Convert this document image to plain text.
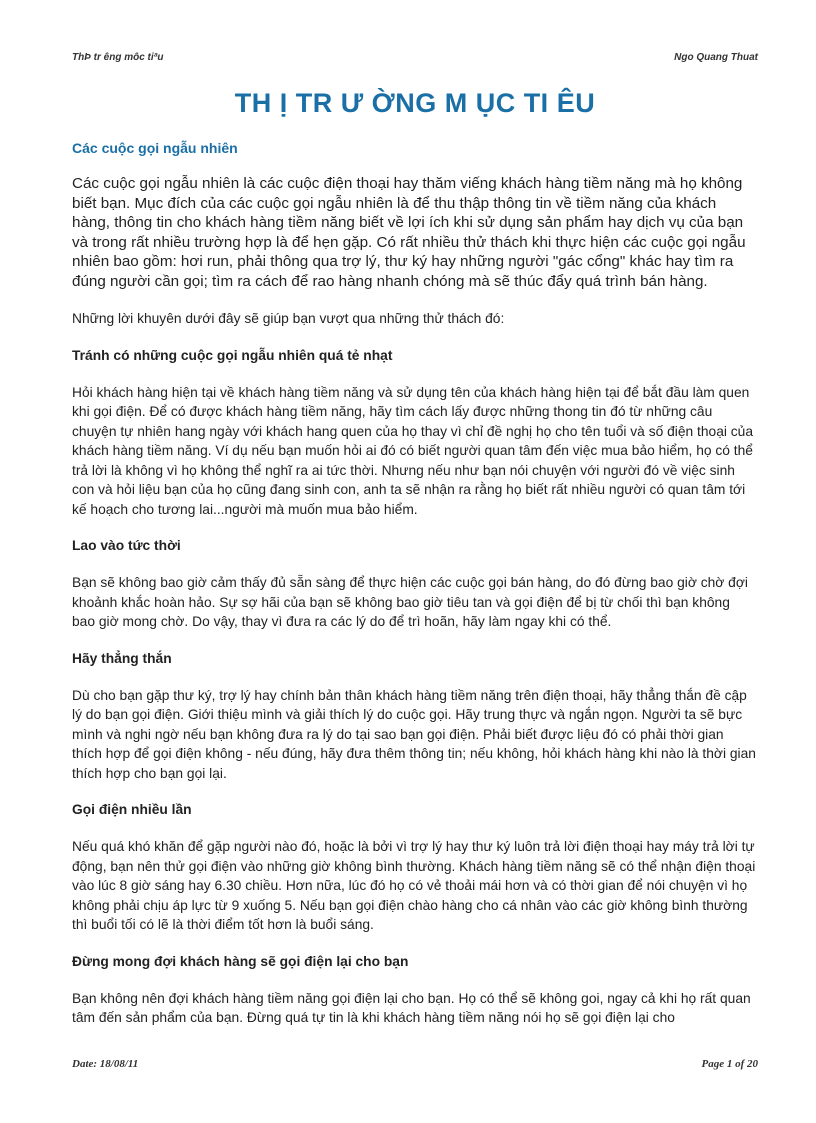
ThÞ tr êng môc tiªu	Ngo Quang Thuat
TH Ị TR Ư ỜNG M ỤC TI ÊU
Các cuộc gọi ngẫu nhiên

Các cuộc gọi ngẫu nhiên là các cuộc điện thoại hay thăm viếng khách hàng tiềm năng mà họ không biết bạn. Mục đích của các cuộc gọi ngẫu nhiên là để thu thập thông tin về tiềm năng của khách hàng, thông tin cho khách hàng tiềm năng biết về lợi ích khi sử dụng sản phẩm hay dịch vụ của bạn và trong rất nhiều trường hợp là để hẹn gặp. Có rất nhiều thử thách khi thực hiện các cuộc gọi ngẫu nhiên bao gồm: hơi run, phải thông qua trợ lý, thư ký hay những người "gác cổng" khác hay tìm ra đúng người cần gọi; tìm ra cách để rao hàng nhanh chóng mà sẽ thúc đẩy quá trình bán hàng.

Những lời khuyên dưới đây sẽ giúp bạn vượt qua những thử thách đó:

Tránh có những cuộc gọi ngẫu nhiên quá tẻ nhạt

Hỏi khách hàng hiện tại về khách hàng tiềm năng và sử dụng tên của khách hàng hiện tại để bắt đầu làm quen khi gọi điện. Để có được khách hàng tiềm năng, hãy tìm cách lấy được những thong tin đó từ những câu chuyện tự nhiên hang ngày với khách hang quen của họ thay vì chỉ đề nghị họ cho tên tuổi và số điện thoại của khách hàng tiềm năng. Ví dụ nếu bạn muốn hỏi ai đó có biết người quan tâm đến việc mua bảo hiểm, họ có thể trả lời là không vì họ không thể nghĩ ra ai tức thời. Nhưng nếu như bạn nói chuyện với người đó về việc sinh con và hỏi liệu bạn của họ cũng đang sinh con, anh ta sẽ nhận ra rằng họ biết rất nhiều người có quan tâm tới kế hoạch cho tương lai...người mà muốn mua bảo hiểm.

Lao vào tức thời

Bạn sẽ không bao giờ cảm thấy đủ sẵn sàng để thực hiện các cuộc gọi bán hàng, do đó đừng bao giờ chờ đợi khoảnh khắc hoàn hảo. Sự sợ hãi của bạn sẽ không bao giờ tiêu tan và gọi điện để bị từ chối thì bạn không bao giờ mong chờ. Do vậy, thay vì đưa ra các lý do để trì hoãn, hãy làm ngay khi có thể.

Hãy thẳng thắn

Dù cho bạn gặp thư ký, trợ lý hay chính bản thân khách hàng tiềm năng trên điện thoại, hãy thẳng thắn đề cập lý do bạn gọi điện. Giới thiệu mình và giải thích lý do cuộc gọi. Hãy trung thực và ngắn ngọn. Người ta sẽ bực mình và nghi ngờ nếu bạn không đưa ra lý do tại sao bạn gọi điện. Phải biết được liệu đó có phải thời gian thích hợp để gọi điện không - nếu đúng, hãy đưa thêm thông tin; nếu không, hỏi khách hàng khi nào là thời gian thích hợp cho bạn gọi lại.

Gọi điện nhiều lần

Nếu quá khó khăn để gặp người nào đó, hoặc là bởi vì trợ lý hay thư ký luôn trả lời điện thoại hay máy trả lời tự động, bạn nên thử gọi điện vào những giờ không bình thường. Khách hàng tiềm năng sẽ có thể nhận điện thoại vào lúc 8 giờ sáng hay 6.30 chiều. Hơn nữa, lúc đó họ có vẻ thoải mái hơn và có thời gian để nói chuyện vì họ không phải chịu áp lực từ 9 xuống 5. Nếu bạn gọi điện chào hàng cho cá nhân vào các giờ không bình thường thì buổi tối có lẽ là thời điểm tốt hơn là buổi sáng.

Đừng mong đợi khách hàng sẽ gọi điện lại cho bạn

Bạn không nên đợi khách hàng tiềm năng gọi điện lại cho bạn. Họ có thể sẽ không goi, ngay cả khi họ rất quan tâm đến sản phẩm của bạn. Đừng quá tự tin là khi khách hàng tiềm năng nói họ sẽ gọi điện lại cho

Date: 18/08/11	Page 1 of 20
